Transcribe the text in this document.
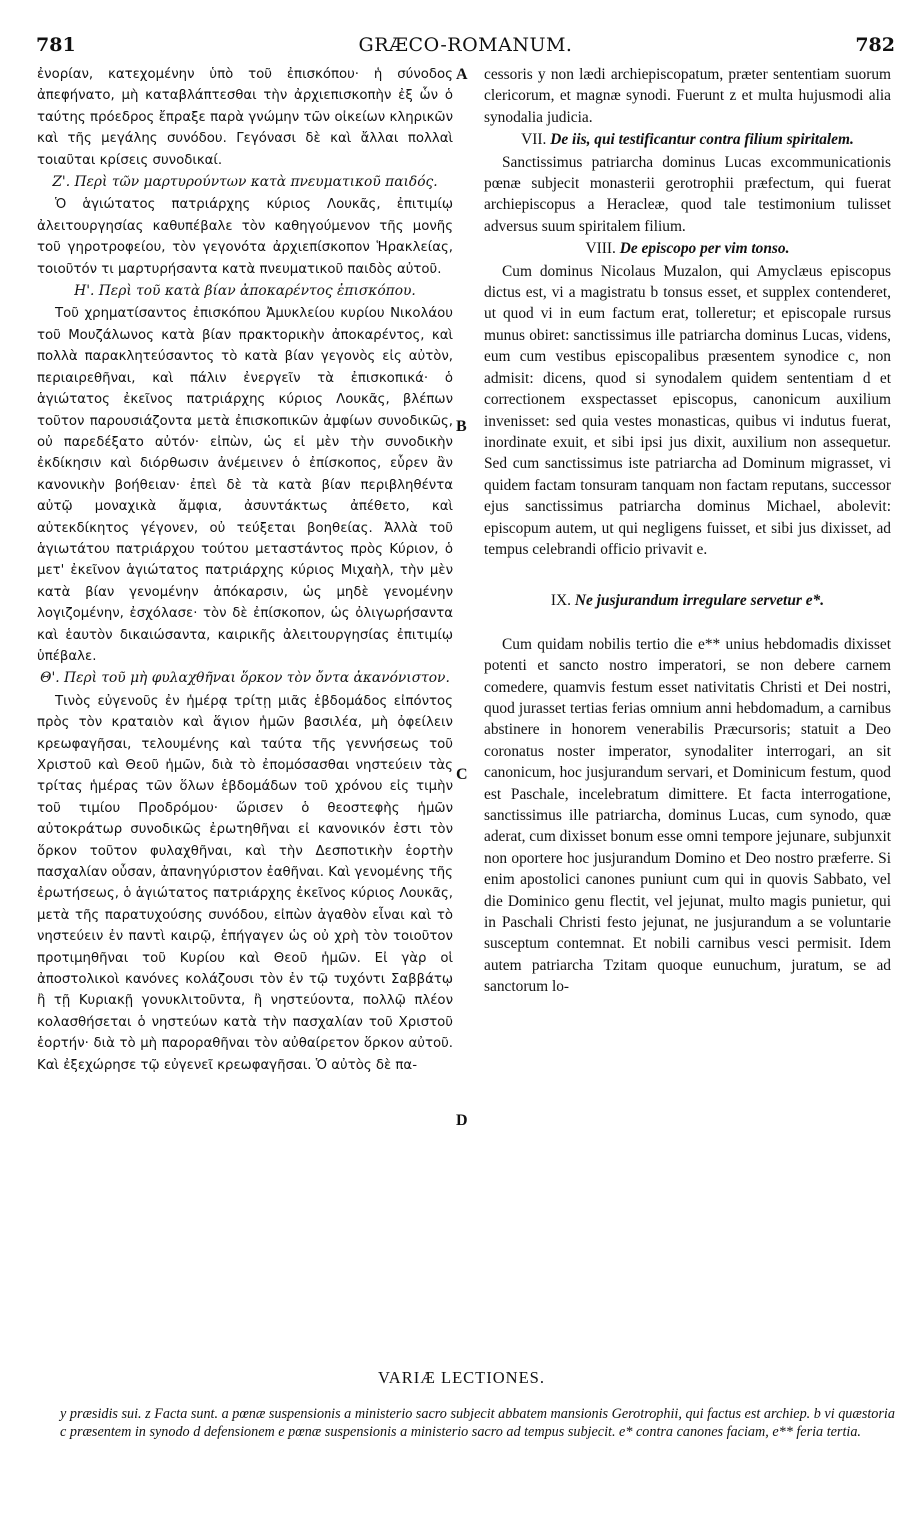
781	GRÆCO-ROMANUM.	782

ἐνορίαν, κατεχομένην ὑπὸ τοῦ ἐπισκόπου· ἡ σύνοδος ἀπεφήνατο, μὴ καταβλάπτεσθαι τὴν ἀρχιεπισκοπὴν ἐξ ὧν ὁ ταύτης πρόεδρος ἔπραξε παρὰ γνώμην τῶν οἰκείων κληρικῶν καὶ τῆς μεγάλης συνόδου. Γεγόνασι δὲ καὶ ἄλλαι πολλαὶ τοιαῦται κρίσεις συνοδικαί.

Ζ'. Περὶ τῶν μαρτυρούντων κατὰ πνευματικοῦ παιδός.

Ὁ ἁγιώτατος πατριάρχης κύριος Λουκᾶς, ἐπιτιμίῳ ἀλειτουργησίας καθυπέβαλε τὸν καθηγούμενον τῆς μονῆς τοῦ γηροτροφείου, τὸν γεγονότα ἀρχιεπίσκοπον Ἡρακλείας, τοιοῦτόν τι μαρτυρήσαντα κατὰ πνευματικοῦ παιδὸς αὐτοῦ.

Η'. Περὶ τοῦ κατὰ βίαν ἀποκαρέντος ἐπισκόπου.

Τοῦ χρηματίσαντος ἐπισκόπου Ἀμυκλείου κυρίου Νικολάου τοῦ Μουζάλωνος κατὰ βίαν πρακτορικὴν ἀποκαρέντος, καὶ πολλὰ παρακλητεύσαντος τὸ κατὰ βίαν γεγονὸς εἰς αὐτὸν, περιαιρεθῆναι, καὶ πάλιν ἐνεργεῖν τὰ ἐπισκοπικά· ὁ ἁγιώτατος ἐκεῖνος πατριάρχης κύριος Λουκᾶς, βλέπων τοῦτον παρουσιάζοντα μετὰ ἐπισκοπικῶν ἀμφίων συνοδικῶς, οὐ παρεδέξατο αὐτόν· εἰπὼν, ὡς εἰ μὲν τὴν συνοδικὴν ἐκδίκησιν καὶ διόρθωσιν ἀνέμεινεν ὁ ἐπίσκοπος, εὗρεν ἂν κανονικὴν βοήθειαν· ἐπεὶ δὲ τὰ κατὰ βίαν περιβληθέντα αὐτῷ μοναχικὰ ἄμφια, ἀσυντάκτως ἀπέθετο, καὶ αὐτεκδίκητος γέγονεν, οὐ τεύξεται βοηθείας. Ἀλλὰ τοῦ ἁγιωτάτου πατριάρχου τούτου μεταστάντος πρὸς Κύριον, ὁ μετ' ἐκεῖνον ἁγιώτατος πατριάρχης κύριος Μιχαὴλ, τὴν μὲν κατὰ βίαν γενομένην ἀπόκαρσιν, ὡς μηδὲ γενομένην λογιζομένην, ἐσχόλασε· τὸν δὲ ἐπίσκοπον, ὡς ὀλιγωρήσαντα καὶ ἑαυτὸν δικαιώσαντα, καιρικῆς ἀλειτουργησίας ἐπιτιμίῳ ὑπέβαλε.

Θ'. Περὶ τοῦ μὴ φυλαχθῆναι ὅρκον τὸν ὄντα ἀκανόνιστον.

Τινὸς εὐγενοῦς ἐν ἡμέρᾳ τρίτῃ μιᾶς ἑβδομάδος εἰπόντος πρὸς τὸν κραταιὸν καὶ ἅγιον ἡμῶν βασιλέα, μὴ ὀφείλειν κρεωφαγῆσαι, τελουμένης καὶ ταύτα τῆς γεννήσεως τοῦ Χριστοῦ καὶ Θεοῦ ἡμῶν, διὰ τὸ ἐπομόσασθαι νηστεύειν τὰς τρίτας ἡμέρας τῶν ὅλων ἑβδομάδων τοῦ χρόνου εἰς τιμὴν τοῦ τιμίου Προδρόμου· ὥρισεν ὁ θεοστεφὴς ἡμῶν αὐτοκράτωρ συνοδικῶς ἐρωτηθῆναι εἰ κανονικόν ἐστι τὸν ὅρκον τοῦτον φυλαχθῆναι, καὶ τὴν Δεσποτικὴν ἑορτὴν πασχαλίαν οὖσαν, ἀπανηγύριστον ἐαθῆναι. Καὶ γενομένης τῆς ἐρωτήσεως, ὁ ἁγιώτατος πατριάρχης ἐκεῖνος κύριος Λουκᾶς, μετὰ τῆς παρατυχούσης συνόδου, εἰπὼν ἀγαθὸν εἶναι καὶ τὸ νηστεύειν ἐν παντὶ καιρῷ, ἐπήγαγεν ὡς οὐ χρὴ τὸν τοιοῦτον προτιμηθῆναι τοῦ Κυρίου καὶ Θεοῦ ἡμῶν. Εἰ γὰρ οἱ ἀποστολικοὶ κανόνες κολάζουσι τὸν ἐν τῷ τυχόντι Σαββάτῳ ἢ τῇ Κυριακῇ γονυκλιτοῦντα, ἢ νηστεύοντα, πολλῷ πλέον κολασθήσεται ὁ νηστεύων κατὰ τὴν πασχαλίαν τοῦ Χριστοῦ ἑορτήν· διὰ τὸ μὴ παροραθῆναι τὸν αὐθαίρετον ὅρκον αὐτοῦ. Καὶ ἐξεχώρησε τῷ εὐγενεῖ κρεωφαγῆσαι. Ὁ αὐτὸς δὲ πα-

A
B
C
D

cessoris y non lædi archiepiscopatum, præter sententiam suorum clericorum, et magnæ synodi. Fuerunt z et multa hujusmodi alia synodalia judicia.

VII. De iis, qui testificantur contra filium spiritalem.

Sanctissimus patriarcha dominus Lucas excommunicationis pœnæ subjecit monasterii gerotrophii præfectum, qui fuerat archiepiscopus a Heracleæ, quod tale testimonium tulisset adversus suum spiritalem filium.

VIII. De episcopo per vim tonso.

Cum dominus Nicolaus Muzalon, qui Amyclæus episcopus dictus est, vi a magistratu b tonsus esset, et supplex contenderet, ut quod vi in eum factum erat, tolleretur; et episcopale rursus munus obiret: sanctissimus ille patriarcha dominus Lucas, videns, eum cum vestibus episcopalibus præsentem synodice c, non admisit: dicens, quod si synodalem quidem sententiam d et correctionem exspectasset episcopus, canonicum auxilium invenisset: sed quia vestes monasticas, quibus vi indutus fuerat, inordinate exuit, et sibi ipsi jus dixit, auxilium non assequetur. Sed cum sanctissimus iste patriarcha ad Dominum migrasset, vi quidem factam tonsuram tanquam non factam reputans, successor ejus sanctissimus patriarcha dominus Michael, abolevit: episcopum autem, ut qui negligens fuisset, et sibi jus dixisset, ad tempus celebrandi officio privavit e.

IX. Ne jusjurandum irregulare servetur e*.

Cum quidam nobilis tertio die e** unius hebdomadis dixisset potenti et sancto nostro imperatori, se non debere carnem comedere, quamvis festum esset nativitatis Christi et Dei nostri, quod jurasset tertias ferias omnium anni hebdomadum, a carnibus abstinere in honorem venerabilis Præcursoris; statuit a Deo coronatus noster imperator, synodaliter interrogari, an sit canonicum, hoc jusjurandum servari, et Dominicum festum, quod est Paschale, incelebratum dimittere. Et facta interrogatione, sanctissimus ille patriarcha, dominus Lucas, cum synodo, quæ aderat, cum dixisset bonum esse omni tempore jejunare, subjunxit non oportere hoc jusjurandum Domino et Deo nostro præferre. Si enim apostolici canones puniunt cum qui in quovis Sabbato, vel die Dominico genu flectit, vel jejunat, multo magis punietur, qui in Paschali Christi festo jejunat, ne jusjurandum a se voluntarie susceptum contemnat. Et nobili carnibus vesci permisit. Idem autem patriarcha Tzitam quoque eunuchum, juratum, se ad sanctorum lo-

VARIÆ LECTIONES.

y præsidis sui. z Facta sunt. a pœnæ suspensionis a ministerio sacro subjecit abbatem mansionis Gerotrophii, qui factus est archiep. b vi quæstoria c præsentem in synodo d defensionem e pœnæ suspensionis a ministerio sacro ad tempus subjecit. e* contra canones faciam, e** feria tertia.
